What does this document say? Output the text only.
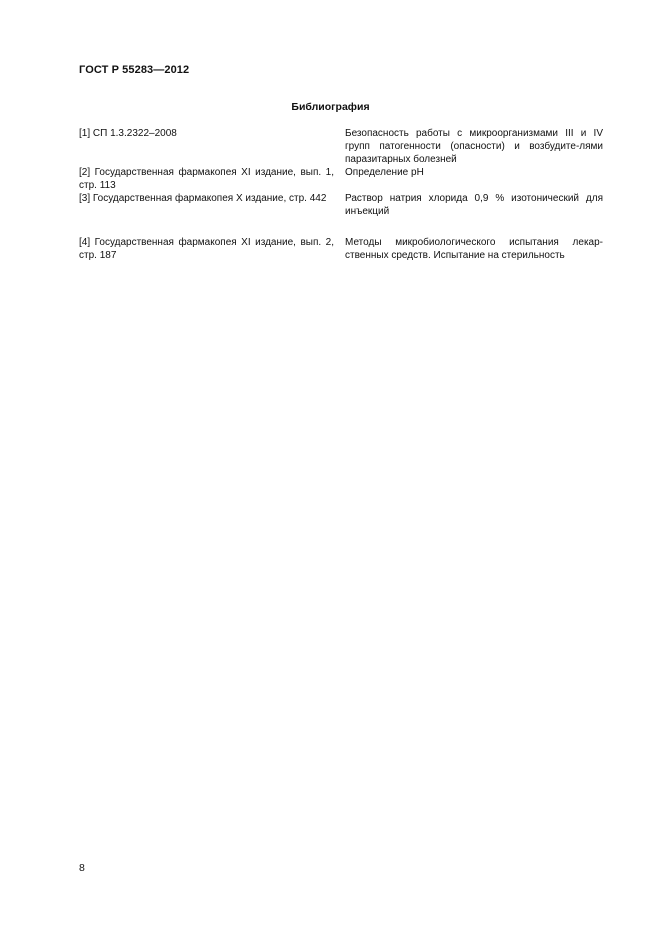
ГОСТ Р 55283—2012
Библиография
[1] СП 1.3.2322–2008	Безопасность работы с микроорганизмами III и IV групп патогенности (опасности) и возбудите-лями паразитарных болезней
[2] Государственная фармакопея XI издание, вып. 1, стр. 113
Определение рН
[3] Государственная фармакопея X издание, стр. 442	Раствор натрия хлорида 0,9 % изотонический для инъекций
[4] Государственная фармакопея XI издание, вып. 2, стр. 187
Методы микробиологического испытания лекар-ственных средств. Испытание на стерильность
8
